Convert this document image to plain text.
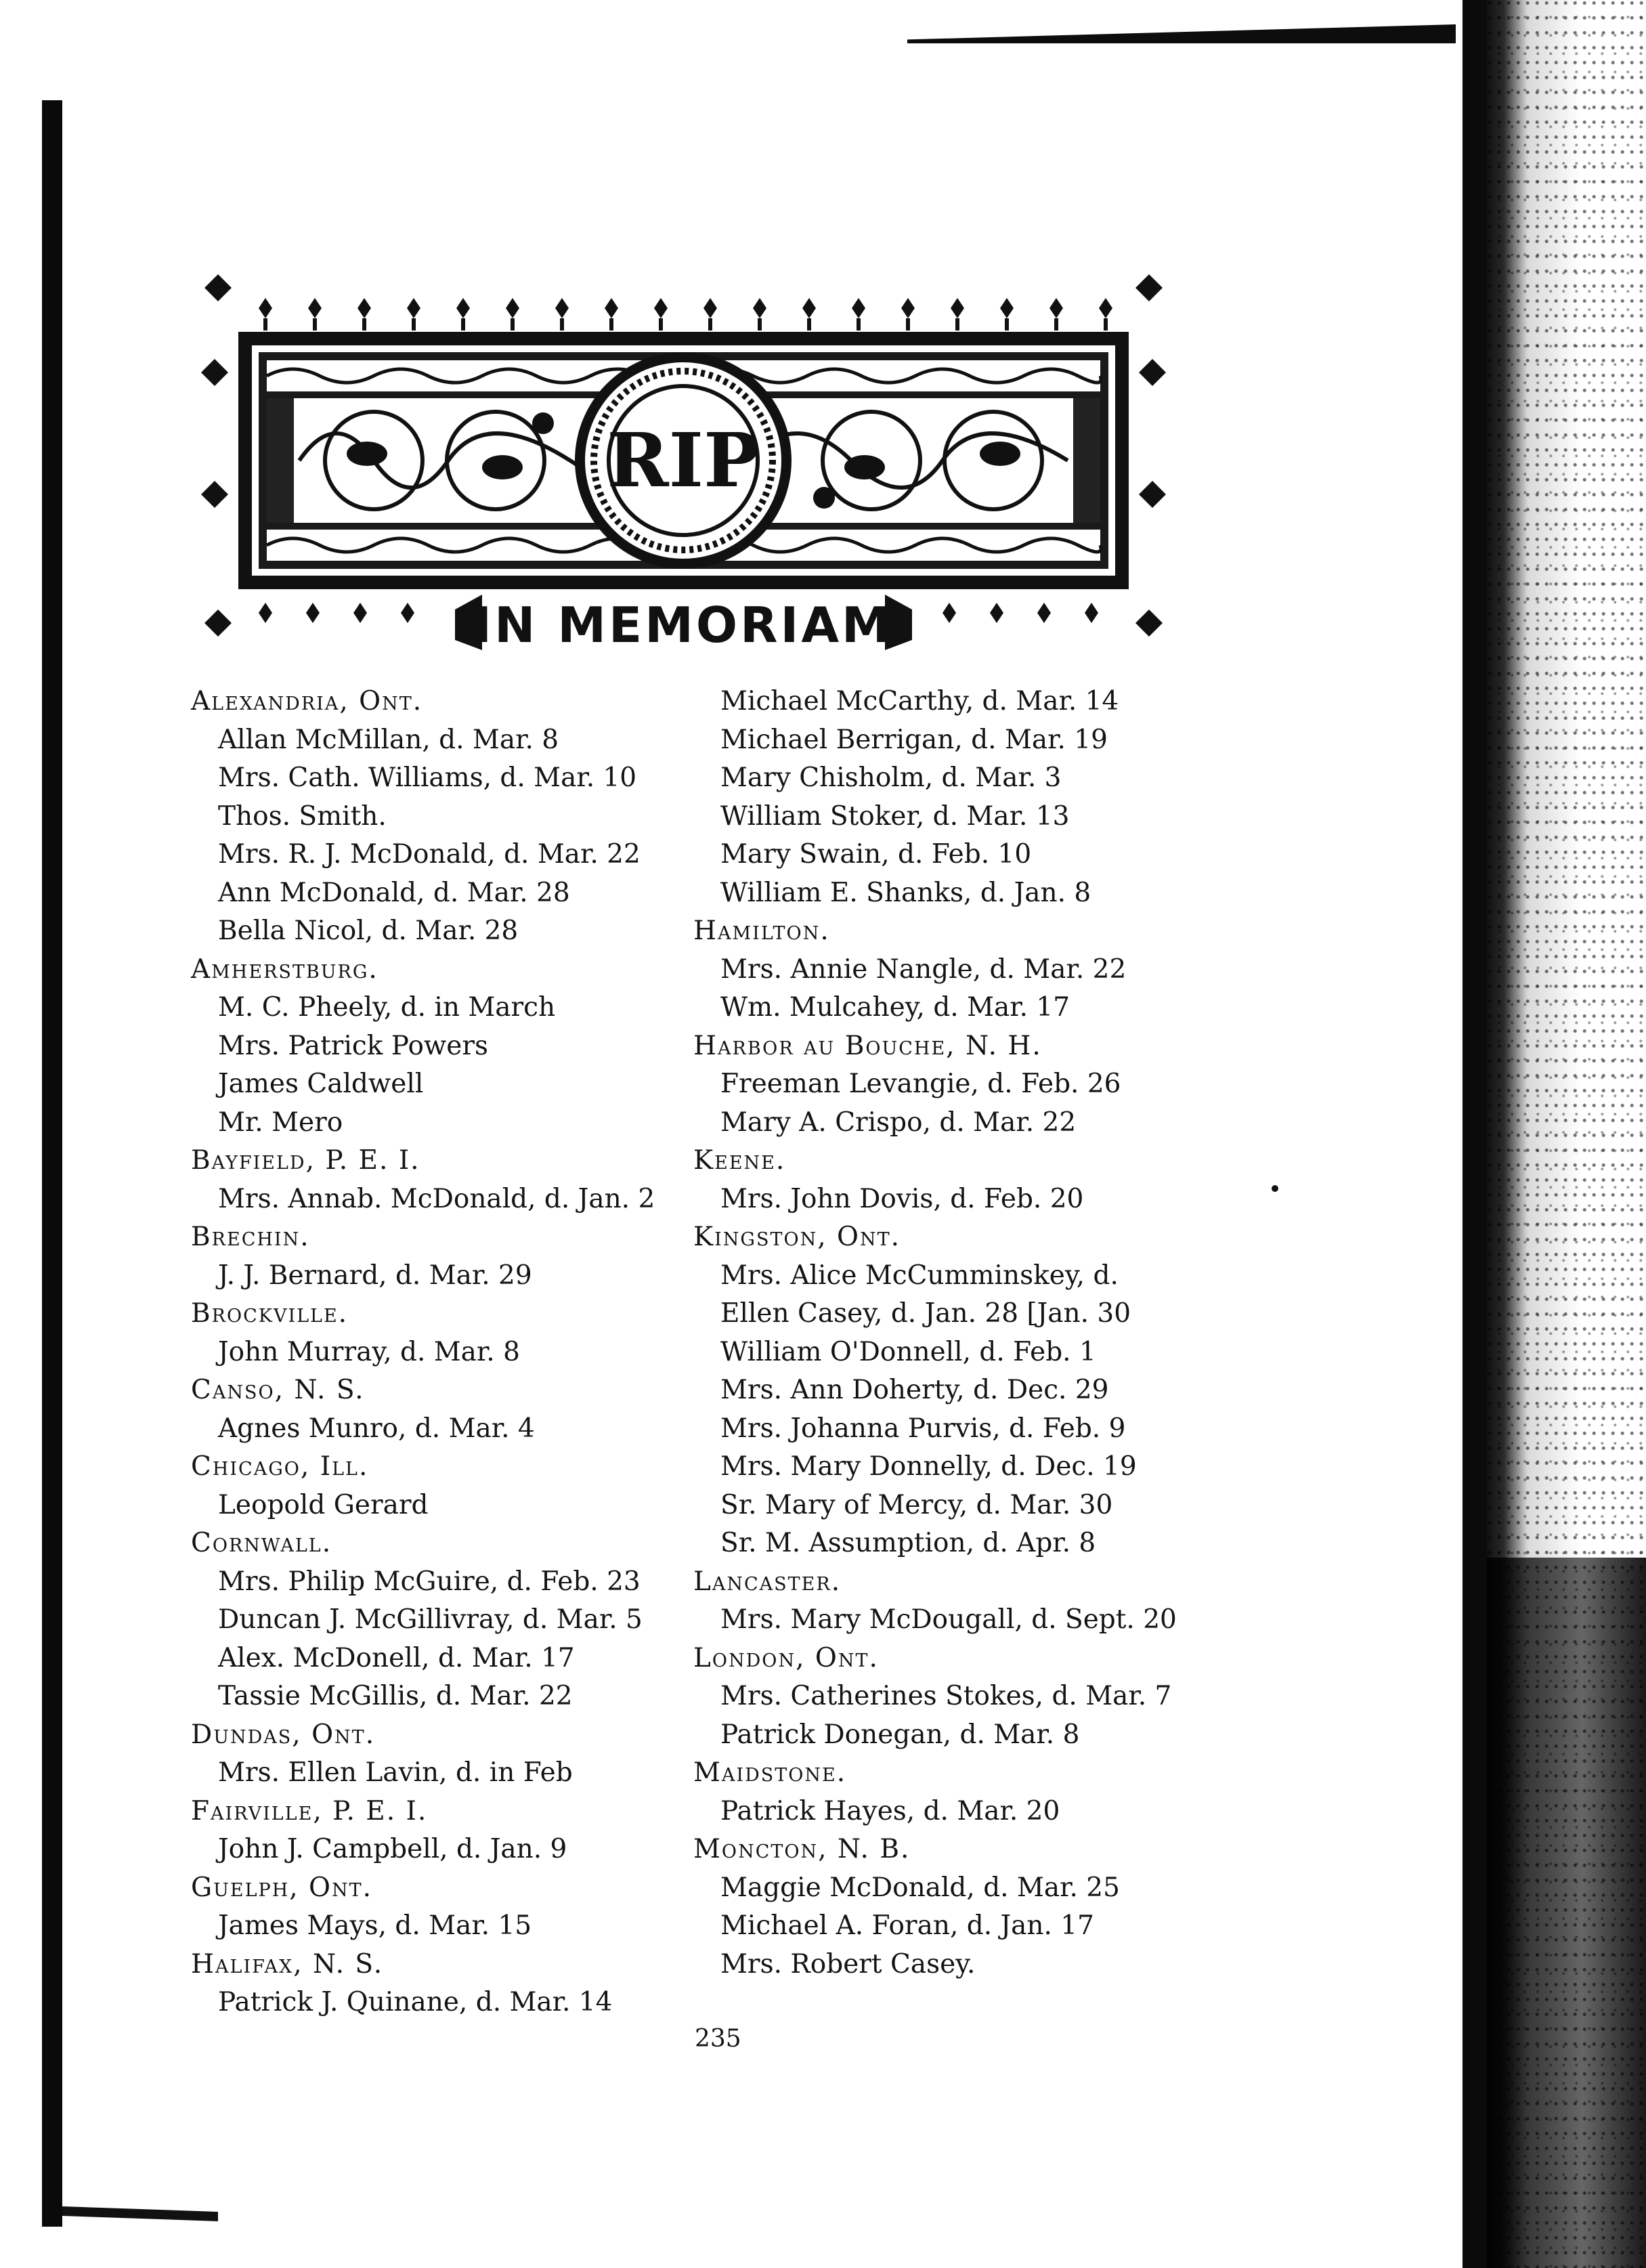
RIP
IN MEMORIAM
Alexandria, Ont.
Allan McMillan, d. Mar. 8
Mrs. Cath. Williams, d. Mar. 10
Thos. Smith.
Mrs. R. J. McDonald, d. Mar. 22
Ann McDonald, d. Mar. 28
Bella Nicol, d. Mar. 28
Amherstburg.
M. C. Pheely, d. in March
Mrs. Patrick Powers
James Caldwell
Mr. Mero
Bayfield, P. E. I.
Mrs. Annab. McDonald, d. Jan. 2
Brechin.
J. J. Bernard, d. Mar. 29
Brockville.
John Murray, d. Mar. 8
Canso, N. S.
Agnes Munro, d. Mar. 4
Chicago, Ill.
Leopold Gerard
Cornwall.
Mrs. Philip McGuire, d. Feb. 23
Duncan J. McGillivray, d. Mar. 5
Alex. McDonell, d. Mar. 17
Tassie McGillis, d. Mar. 22
Dundas, Ont.
Mrs. Ellen Lavin, d. in Feb
Fairville, P. E. I.
John J. Campbell, d. Jan. 9
Guelph, Ont.
James Mays, d. Mar. 15
Halifax, N. S.
Patrick J. Quinane, d. Mar. 14
Michael McCarthy, d. Mar. 14
Michael Berrigan, d. Mar. 19
Mary Chisholm, d. Mar. 3
William Stoker, d. Mar. 13
Mary Swain, d. Feb. 10
William E. Shanks, d. Jan. 8
Hamilton.
Mrs. Annie Nangle, d. Mar. 22
Wm. Mulcahey, d. Mar. 17
Harbor au Bouche, N. H.
Freeman Levangie, d. Feb. 26
Mary A. Crispo, d. Mar. 22
Keene.
Mrs. John Dovis, d. Feb. 20
Kingston, Ont.
Mrs. Alice McCumminskey, d.
Ellen Casey, d. Jan. 28 [Jan. 30
William O'Donnell, d. Feb. 1
Mrs. Ann Doherty, d. Dec. 29
Mrs. Johanna Purvis, d. Feb. 9
Mrs. Mary Donnelly, d. Dec. 19
Sr. Mary of Mercy, d. Mar. 30
Sr. M. Assumption, d. Apr. 8
Lancaster.
Mrs. Mary McDougall, d. Sept. 20
London, Ont.
Mrs. Catherines Stokes, d. Mar. 7
Patrick Donegan, d. Mar. 8
Maidstone.
Patrick Hayes, d. Mar. 20
Moncton, N. B.
Maggie McDonald, d. Mar. 25
Michael A. Foran, d. Jan. 17
Mrs. Robert Casey.
235
